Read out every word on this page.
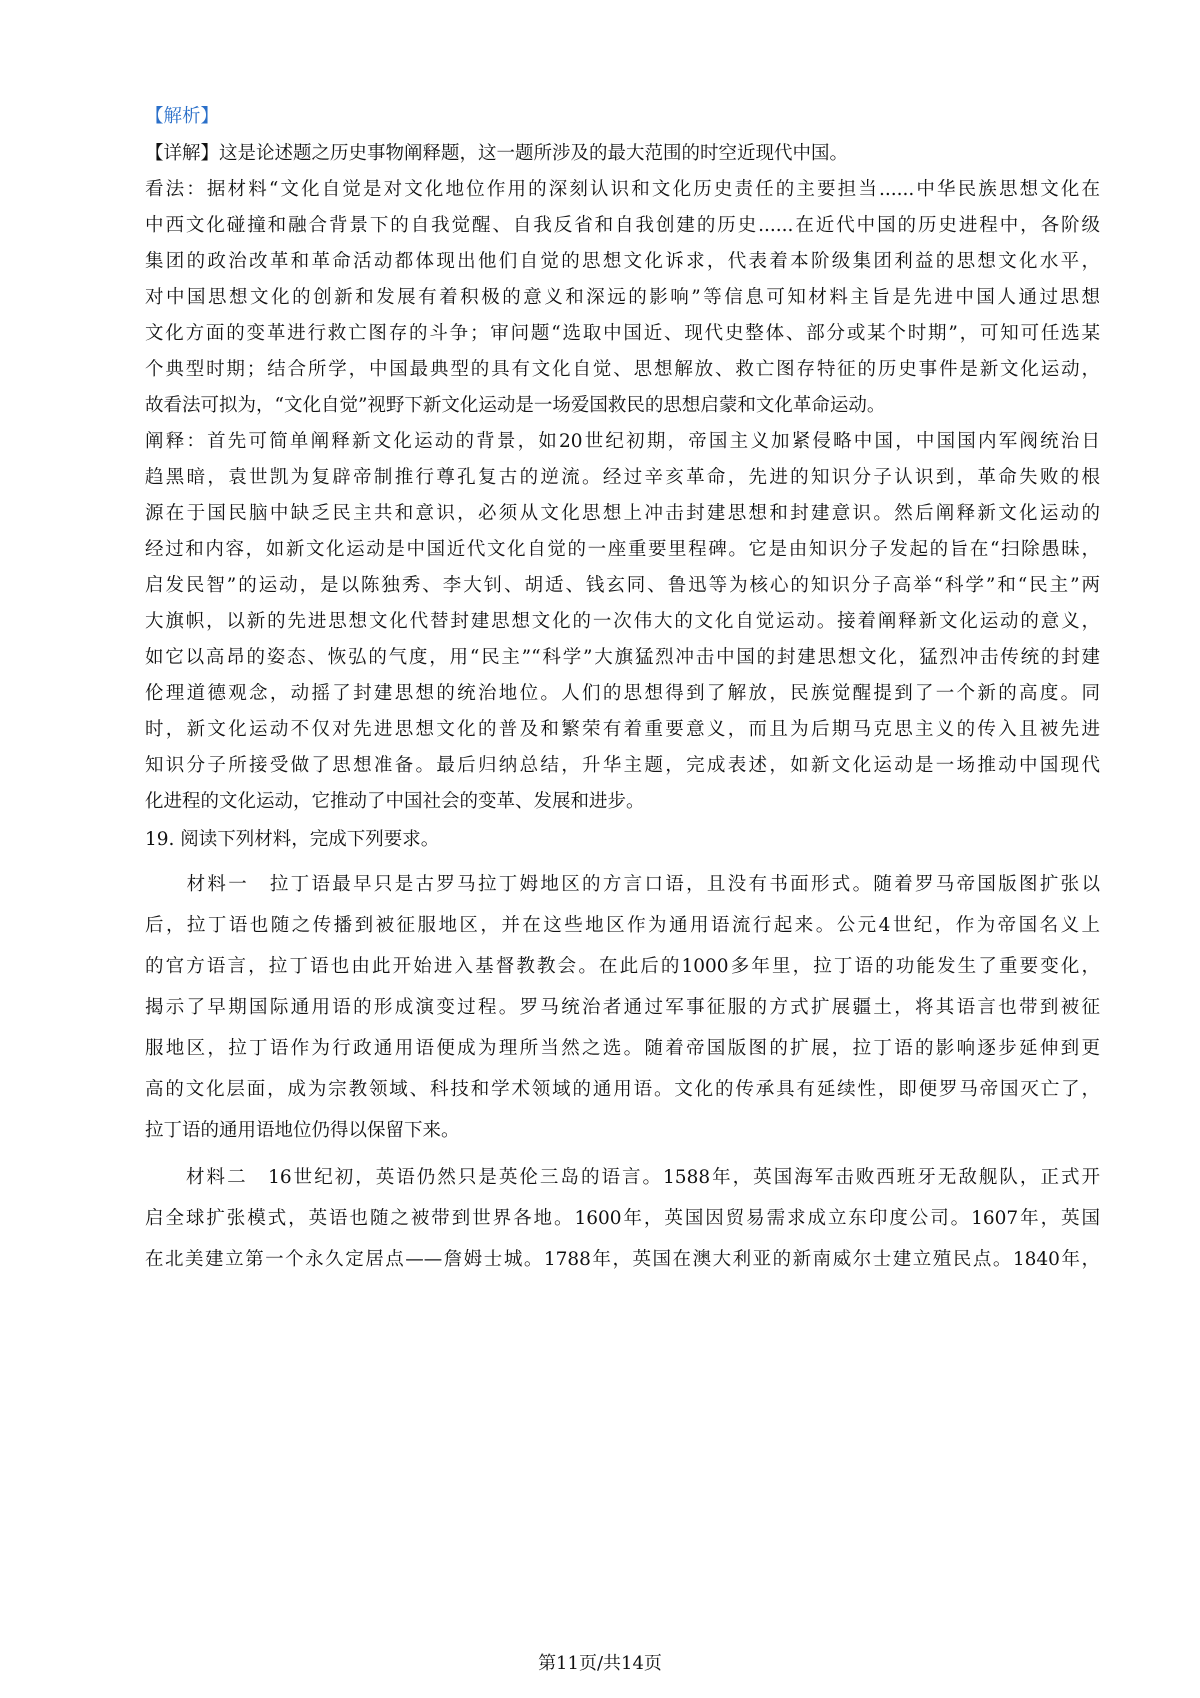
【解析】
【详解】这是论述题之历史事物阐释题，这一题所涉及的最大范围的时空近现代中国。
看法：据材料“文化自觉是对文化地位作用的深刻认识和文化历史责任的主要担当......中华民族思想文化在
中西文化碰撞和融合背景下的自我觉醒、自我反省和自我创建的历史......在近代中国的历史进程中，各阶级
集团的政治改革和革命活动都体现出他们自觉的思想文化诉求，代表着本阶级集团利益的思想文化水平，
对中国思想文化的创新和发展有着积极的意义和深远的影响”等信息可知材料主旨是先进中国人通过思想
文化方面的变革进行救亡图存的斗争；审问题“选取中国近、现代史整体、部分或某个时期”，可知可任选某
个典型时期；结合所学，中国最典型的具有文化自觉、思想解放、救亡图存特征的历史事件是新文化运动，
故看法可拟为，“文化自觉”视野下新文化运动是一场爱国救民的思想启蒙和文化革命运动。
阐释：首先可简单阐释新文化运动的背景，如20世纪初期，帝国主义加紧侵略中国，中国国内军阀统治日
趋黑暗，袁世凯为复辟帝制推行尊孔复古的逆流。经过辛亥革命，先进的知识分子认识到，革命失败的根
源在于国民脑中缺乏民主共和意识，必须从文化思想上冲击封建思想和封建意识。然后阐释新文化运动的
经过和内容，如新文化运动是中国近代文化自觉的一座重要里程碑。它是由知识分子发起的旨在“扫除愚昧，
启发民智”的运动，是以陈独秀、李大钊、胡适、钱玄同、鲁迅等为核心的知识分子高举“科学”和“民主”两
大旗帜，以新的先进思想文化代替封建思想文化的一次伟大的文化自觉运动。接着阐释新文化运动的意义，
如它以高昂的姿态、恢弘的气度，用“民主”“科学”大旗猛烈冲击中国的封建思想文化，猛烈冲击传统的封建
伦理道德观念，动摇了封建思想的统治地位。人们的思想得到了解放，民族觉醒提到了一个新的高度。同
时，新文化运动不仅对先进思想文化的普及和繁荣有着重要意义，而且为后期马克思主义的传入且被先进
知识分子所接受做了思想准备。最后归纳总结，升华主题，完成表述，如新文化运动是一场推动中国现代
化进程的文化运动，它推动了中国社会的变革、发展和进步。
19. 阅读下列材料，完成下列要求。
　　材料一　拉丁语最早只是古罗马拉丁姆地区的方言口语，且没有书面形式。随着罗马帝国版图扩张以
后，拉丁语也随之传播到被征服地区，并在这些地区作为通用语流行起来。公元4世纪，作为帝国名义上
的官方语言，拉丁语也由此开始进入基督教教会。在此后的1000多年里，拉丁语的功能发生了重要变化，
揭示了早期国际通用语的形成演变过程。罗马统治者通过军事征服的方式扩展疆土，将其语言也带到被征
服地区，拉丁语作为行政通用语便成为理所当然之选。随着帝国版图的扩展，拉丁语的影响逐步延伸到更
高的文化层面，成为宗教领域、科技和学术领域的通用语。文化的传承具有延续性，即便罗马帝国灭亡了，
拉丁语的通用语地位仍得以保留下来。
　　材料二　16世纪初，英语仍然只是英伦三岛的语言。1588年，英国海军击败西班牙无敌舰队，正式开
启全球扩张模式，英语也随之被带到世界各地。1600年，英国因贸易需求成立东印度公司。1607年，英国
在北美建立第一个永久定居点——詹姆士城。1788年，英国在澳大利亚的新南威尔士建立殖民点。1840年，
第11页/共14页
